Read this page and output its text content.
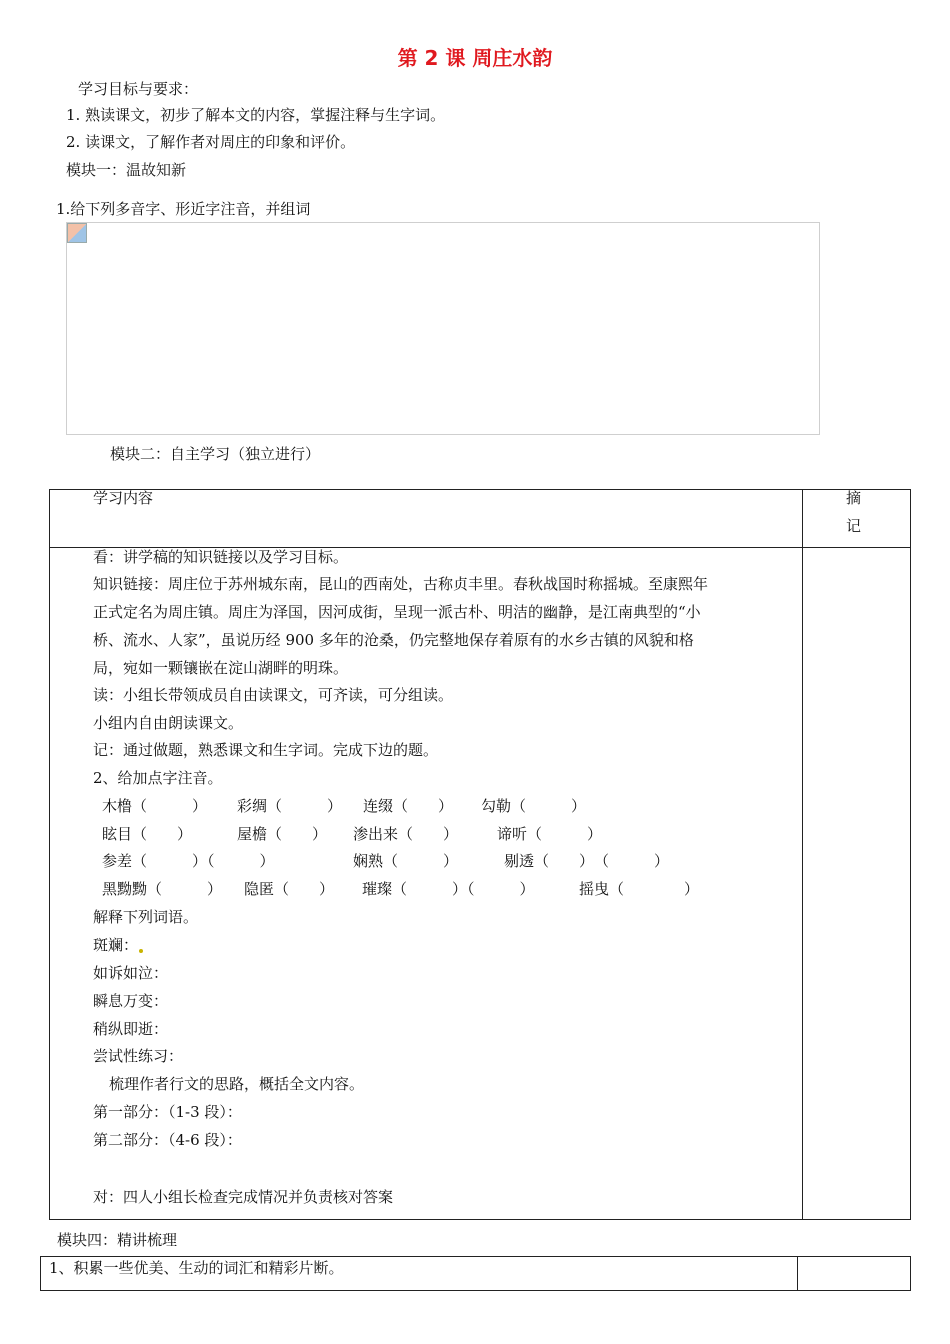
第 2 课 周庄水韵
学习目标与要求：
1. 熟读课文，初步了解本文的内容，掌握注释与生字词。
2. 读课文，了解作者对周庄的印象和评价。
模块一：温故知新
1.给下列多音字、形近字注音，并组词
模块二：自主学习（独立进行）
学习内容	摘
记
看：讲学稿的知识链接以及学习目标。
知识链接：周庄位于苏州城东南，昆山的西南处，古称贞丰里。春秋战国时称摇城。至康熙年
正式定名为周庄镇。周庄为泽国，因河成街，呈现一派古朴、明洁的幽静，是江南典型的“小
桥、流水、人家”，虽说历经 900 多年的沧桑，仍完整地保存着原有的水乡古镇的风貌和格
局，宛如一颗镶嵌在淀山湖畔的明珠。
读：小组长带领成员自由读课文，可齐读，可分组读。
小组内自由朗读课文。
记：通过做题，熟悉课文和生字词。完成下边的题。
2、给加点字注音。
木橹（　　　） 彩绸（　　　） 连缀（　　） 勾勒（　　　）
眩目（　　）	屋檐（　　） 渗出来（　　）	谛听（　　　）
参差（　　　）（　　　）	娴熟（　　　）	剔透（　　）　（　　　）
黑黝黝（　　　） 隐匿（　　） 璀璨（　　　）（　　　）	摇曳（　　　　）
解释下列词语。
斑斓：
如诉如泣：
瞬息万变：
稍纵即逝：
尝试性练习：
梳理作者行文的思路，概括全文内容。
第一部分：（1-3 段）：
第二部分：（4-6 段）：
对：四人小组长检查完成情况并负责核对答案
模块四：精讲梳理
1、积累一些优美、生动的词汇和精彩片断。
